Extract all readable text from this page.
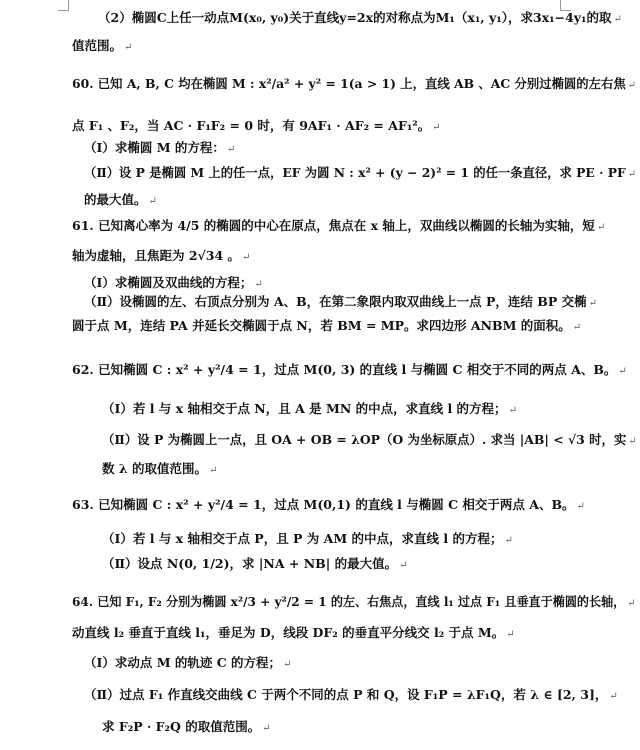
（2）椭圆C上任一动点M(x₀, y₀)关于直线y=2x的对称点为M₁（x₁, y₁），求3x₁−4y₁的取 ↵
值范围。 ↵
60. 已知 A, B, C 均在椭圆 M : x²/a² + y² = 1(a > 1) 上，直线 AB 、AC 分别过椭圆的左右焦 ↵
点 F₁ 、F₂，当 AC · F₁F₂ = 0 时，有 9AF₁ · AF₂ = AF₁²。 ↵
（Ⅰ）求椭圆 M 的方程： ↵
（Ⅱ）设 P 是椭圆 M 上的任一点，EF 为圆 N : x² + (y − 2)² = 1 的任一条直径，求 PE · PF ↵
的最大值。 ↵
61. 已知离心率为 4/5 的椭圆的中心在原点，焦点在 x 轴上，双曲线以椭圆的长轴为实轴，短 ↵
轴为虚轴，且焦距为 2√34 。 ↵
（Ⅰ）求椭圆及双曲线的方程； ↵
（Ⅱ）设椭圆的左、右顶点分别为 A、B，在第二象限内取双曲线上一点 P，连结 BP 交椭 ↵
圆于点 M，连结 PA 并延长交椭圆于点 N，若 BM = MP。求四边形 ANBM 的面积。 ↵
62. 已知椭圆 C : x² + y²/4 = 1，过点 M(0, 3) 的直线 l 与椭圆 C 相交于不同的两点 A、B。 ↵
（Ⅰ）若 l 与 x 轴相交于点 N，且 A 是 MN 的中点，求直线 l 的方程； ↵
（Ⅱ）设 P 为椭圆上一点，且 OA + OB = λOP（O 为坐标原点）. 求当 |AB| < √3 时，实 ↵
数 λ 的取值范围。 ↵
63. 已知椭圆 C : x² + y²/4 = 1，过点 M(0,1) 的直线 l 与椭圆 C 相交于两点 A、B。 ↵
（Ⅰ）若 l 与 x 轴相交于点 P，且 P 为 AM 的中点，求直线 l 的方程； ↵
（Ⅱ）设点 N(0, 1/2)，求 |NA + NB| 的最大值。 ↵
64. 已知 F₁, F₂ 分别为椭圆 x²/3 + y²/2 = 1 的左、右焦点，直线 l₁ 过点 F₁ 且垂直于椭圆的长轴， ↵
动直线 l₂ 垂直于直线 l₁，垂足为 D，线段 DF₂ 的垂直平分线交 l₂ 于点 M。 ↵
（Ⅰ）求动点 M 的轨迹 C 的方程； ↵
（Ⅱ）过点 F₁ 作直线交曲线 C 于两个不同的点 P 和 Q，设 F₁P = λF₁Q，若 λ ∈ [2, 3]， ↵
求 F₂P · F₂Q 的取值范围。 ↵
